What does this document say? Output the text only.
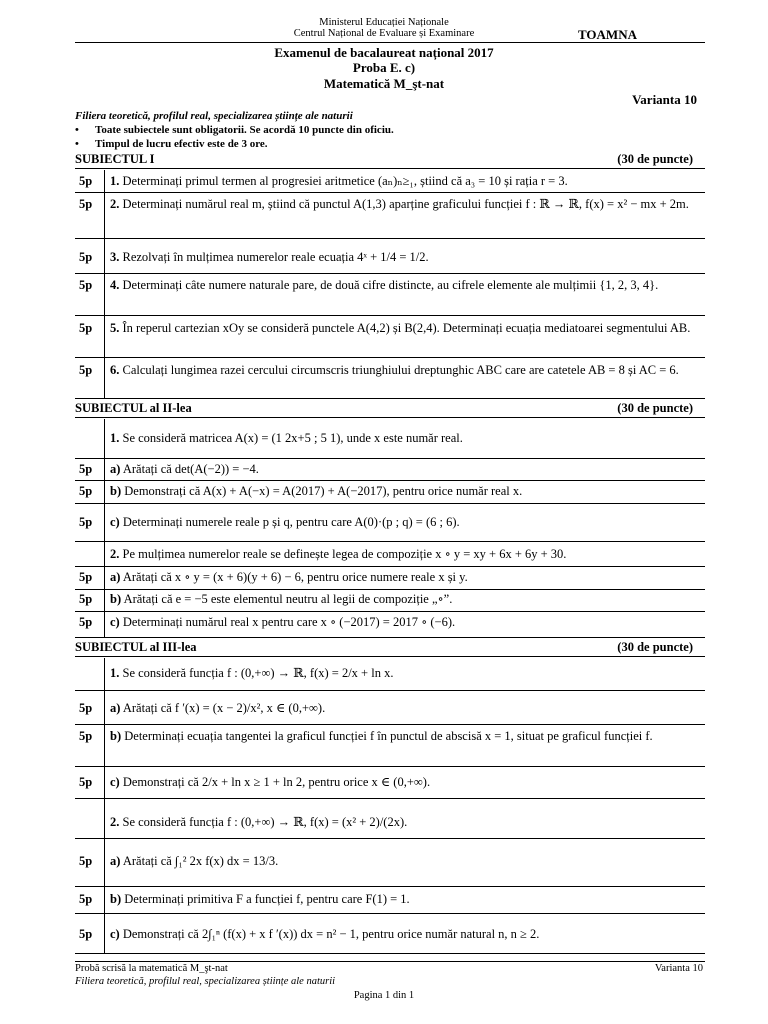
Ministerul Educației Naționale
Centrul Național de Evaluare și Examinare	TOAMNA
Examenul de bacalaureat național 2017
Proba E. c)
Matematică M_şt-nat
Varianta 10
Filiera teoretică, profilul real, specializarea științe ale naturii
• Toate subiectele sunt obligatorii. Se acordă 10 puncte din oficiu.
• Timpul de lucru efectiv este de 3 ore.
SUBIECTUL I	(30 de puncte)
5p	1. Determinați primul termen al progresiei aritmetice (aₙ)ₙ≥₁, știind că a₃ = 10 și rația r = 3.
5p	2. Determinați numărul real m, știind că punctul A(1,3) aparține graficului funcției f : ℝ → ℝ, f(x) = x² − mx + 2m.
5p	3. Rezolvați în mulțimea numerelor reale ecuația 4ˣ + 1/4 = 1/2.
5p	4. Determinați câte numere naturale pare, de două cifre distincte, au cifrele elemente ale mulțimii {1, 2, 3, 4}.
5p	5. În reperul cartezian xOy se consideră punctele A(4,2) și B(2,4). Determinați ecuația mediatoarei segmentului AB.
5p	6. Calculați lungimea razei cercului circumscris triunghiului dreptunghic ABC care are catetele AB = 8 și AC = 6.
SUBIECTUL al II-lea	(30 de puncte)
1. Se consideră matricea A(x) = (1 2x+5 ; 5 1), unde x este număr real.
5p	a) Arătați că det(A(−2)) = −4.
5p	b) Demonstrați că A(x) + A(−x) = A(2017) + A(−2017), pentru orice număr real x.
5p	c) Determinați numerele reale p și q, pentru care A(0)·(p ; q) = (6 ; 6).
2. Pe mulțimea numerelor reale se definește legea de compoziție x ∘ y = xy + 6x + 6y + 30.
5p	a) Arătați că x ∘ y = (x + 6)(y + 6) − 6, pentru orice numere reale x și y.
5p	b) Arătați că e = −5 este elementul neutru al legii de compoziție „∘”.
5p	c) Determinați numărul real x pentru care x ∘ (−2017) = 2017 ∘ (−6).
SUBIECTUL al III-lea	(30 de puncte)
1. Se consideră funcția f : (0,+∞) → ℝ, f(x) = 2/x + ln x.
5p	a) Arătați că f ′(x) = (x − 2)/x², x ∈ (0,+∞).
5p	b) Determinați ecuația tangentei la graficul funcției f în punctul de abscisă x = 1, situat pe graficul funcției f.
5p	c) Demonstrați că 2/x + ln x ≥ 1 + ln 2, pentru orice x ∈ (0,+∞).
2. Se consideră funcția f : (0,+∞) → ℝ, f(x) = (x² + 2)/(2x).
5p	a) Arătați că ∫₁² 2x f(x) dx = 13/3.
5p	b) Determinați primitiva F a funcției f, pentru care F(1) = 1.
5p	c) Demonstrați că 2∫₁ⁿ (f(x) + x f ′(x)) dx = n² − 1, pentru orice număr natural n, n ≥ 2.
Probă scrisă la matematică M_şt-nat
Filiera teoretică, profilul real, specializarea științe ale naturii
Varianta 10
Pagina 1 din 1
